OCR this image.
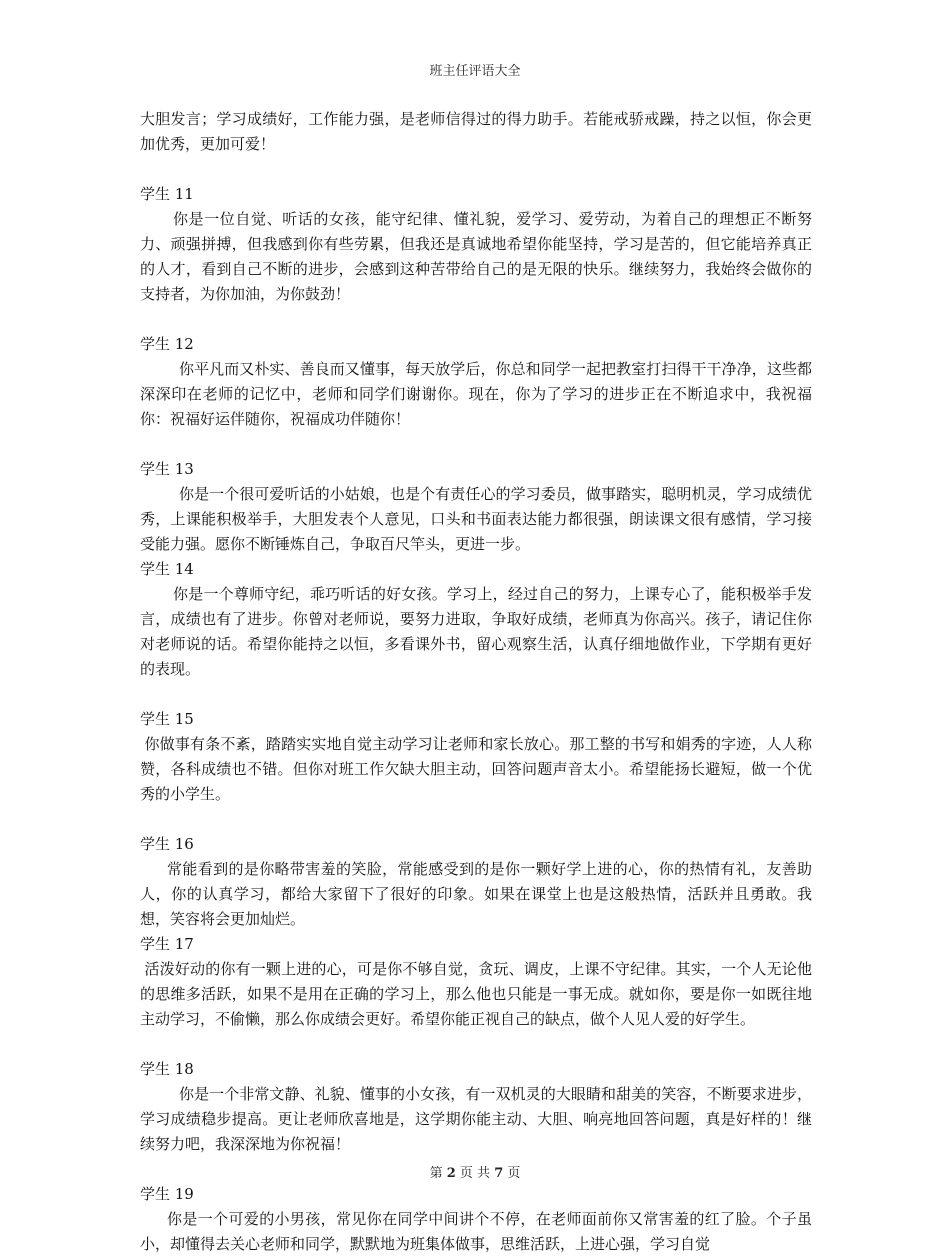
班主任评语大全

大胆发言；学习成绩好，工作能力强，是老师信得过的得力助手。若能戒骄戒躁，持之以恒，你会更加优秀，更加可爱！

学生 11

你是一位自觉、听话的女孩，能守纪律、懂礼貌，爱学习、爱劳动，为着自己的理想正不断努力、顽强拼搏，但我感到你有些劳累，但我还是真诚地希望你能坚持，学习是苦的，但它能培养真正的人才，看到自己不断的进步，会感到这种苦带给自己的是无限的快乐。继续努力，我始终会做你的支持者，为你加油，为你鼓劲！

学生 12

你平凡而又朴实、善良而又懂事，每天放学后，你总和同学一起把教室打扫得干干净净，这些都深深印在老师的记忆中，老师和同学们谢谢你。现在，你为了学习的进步正在不断追求中，我祝福你：祝福好运伴随你，祝福成功伴随你！

学生 13

你是一个很可爱听话的小姑娘，也是个有责任心的学习委员，做事踏实，聪明机灵，学习成绩优秀，上课能积极举手，大胆发表个人意见，口头和书面表达能力都很强，朗读课文很有感情，学习接受能力强。愿你不断锤炼自己，争取百尺竿头，更进一步。

学生 14

你是一个尊师守纪，乖巧听话的好女孩。学习上，经过自己的努力，上课专心了，能积极举手发言，成绩也有了进步。你曾对老师说，要努力进取，争取好成绩，老师真为你高兴。孩子，请记住你对老师说的话。希望你能持之以恒，多看课外书，留心观察生活，认真仔细地做作业，下学期有更好的表现。

学生 15

你做事有条不紊，踏踏实实地自觉主动学习让老师和家长放心。那工整的书写和娟秀的字迹，人人称赞，各科成绩也不错。但你对班工作欠缺大胆主动，回答问题声音太小。希望能扬长避短，做一个优秀的小学生。

学生 16

常能看到的是你略带害羞的笑脸，常能感受到的是你一颗好学上进的心，你的热情有礼，友善助人，你的认真学习，都给大家留下了很好的印象。如果在课堂上也是这般热情，活跃并且勇敢。我想，笑容将会更加灿烂。

学生 17

活泼好动的你有一颗上进的心，可是你不够自觉，贪玩、调皮，上课不守纪律。其实，一个人无论他的思维多活跃，如果不是用在正确的学习上，那么他也只能是一事无成。就如你，要是你一如既往地主动学习，不偷懒，那么你成绩会更好。希望你能正视自己的缺点，做个人见人爱的好学生。

学生 18

你是一个非常文静、礼貌、懂事的小女孩，有一双机灵的大眼睛和甜美的笑容，不断要求进步，学习成绩稳步提高。更让老师欣喜地是，这学期你能主动、大胆、响亮地回答问题，真是好样的！继续努力吧，我深深地为你祝福！

学生 19

你是一个可爱的小男孩，常见你在同学中间讲个不停，在老师面前你又常害羞的红了脸。个子虽小，却懂得去关心老师和同学，默默地为班集体做事，思维活跃，上进心强，学习自觉

第 2 页 共 7 页
